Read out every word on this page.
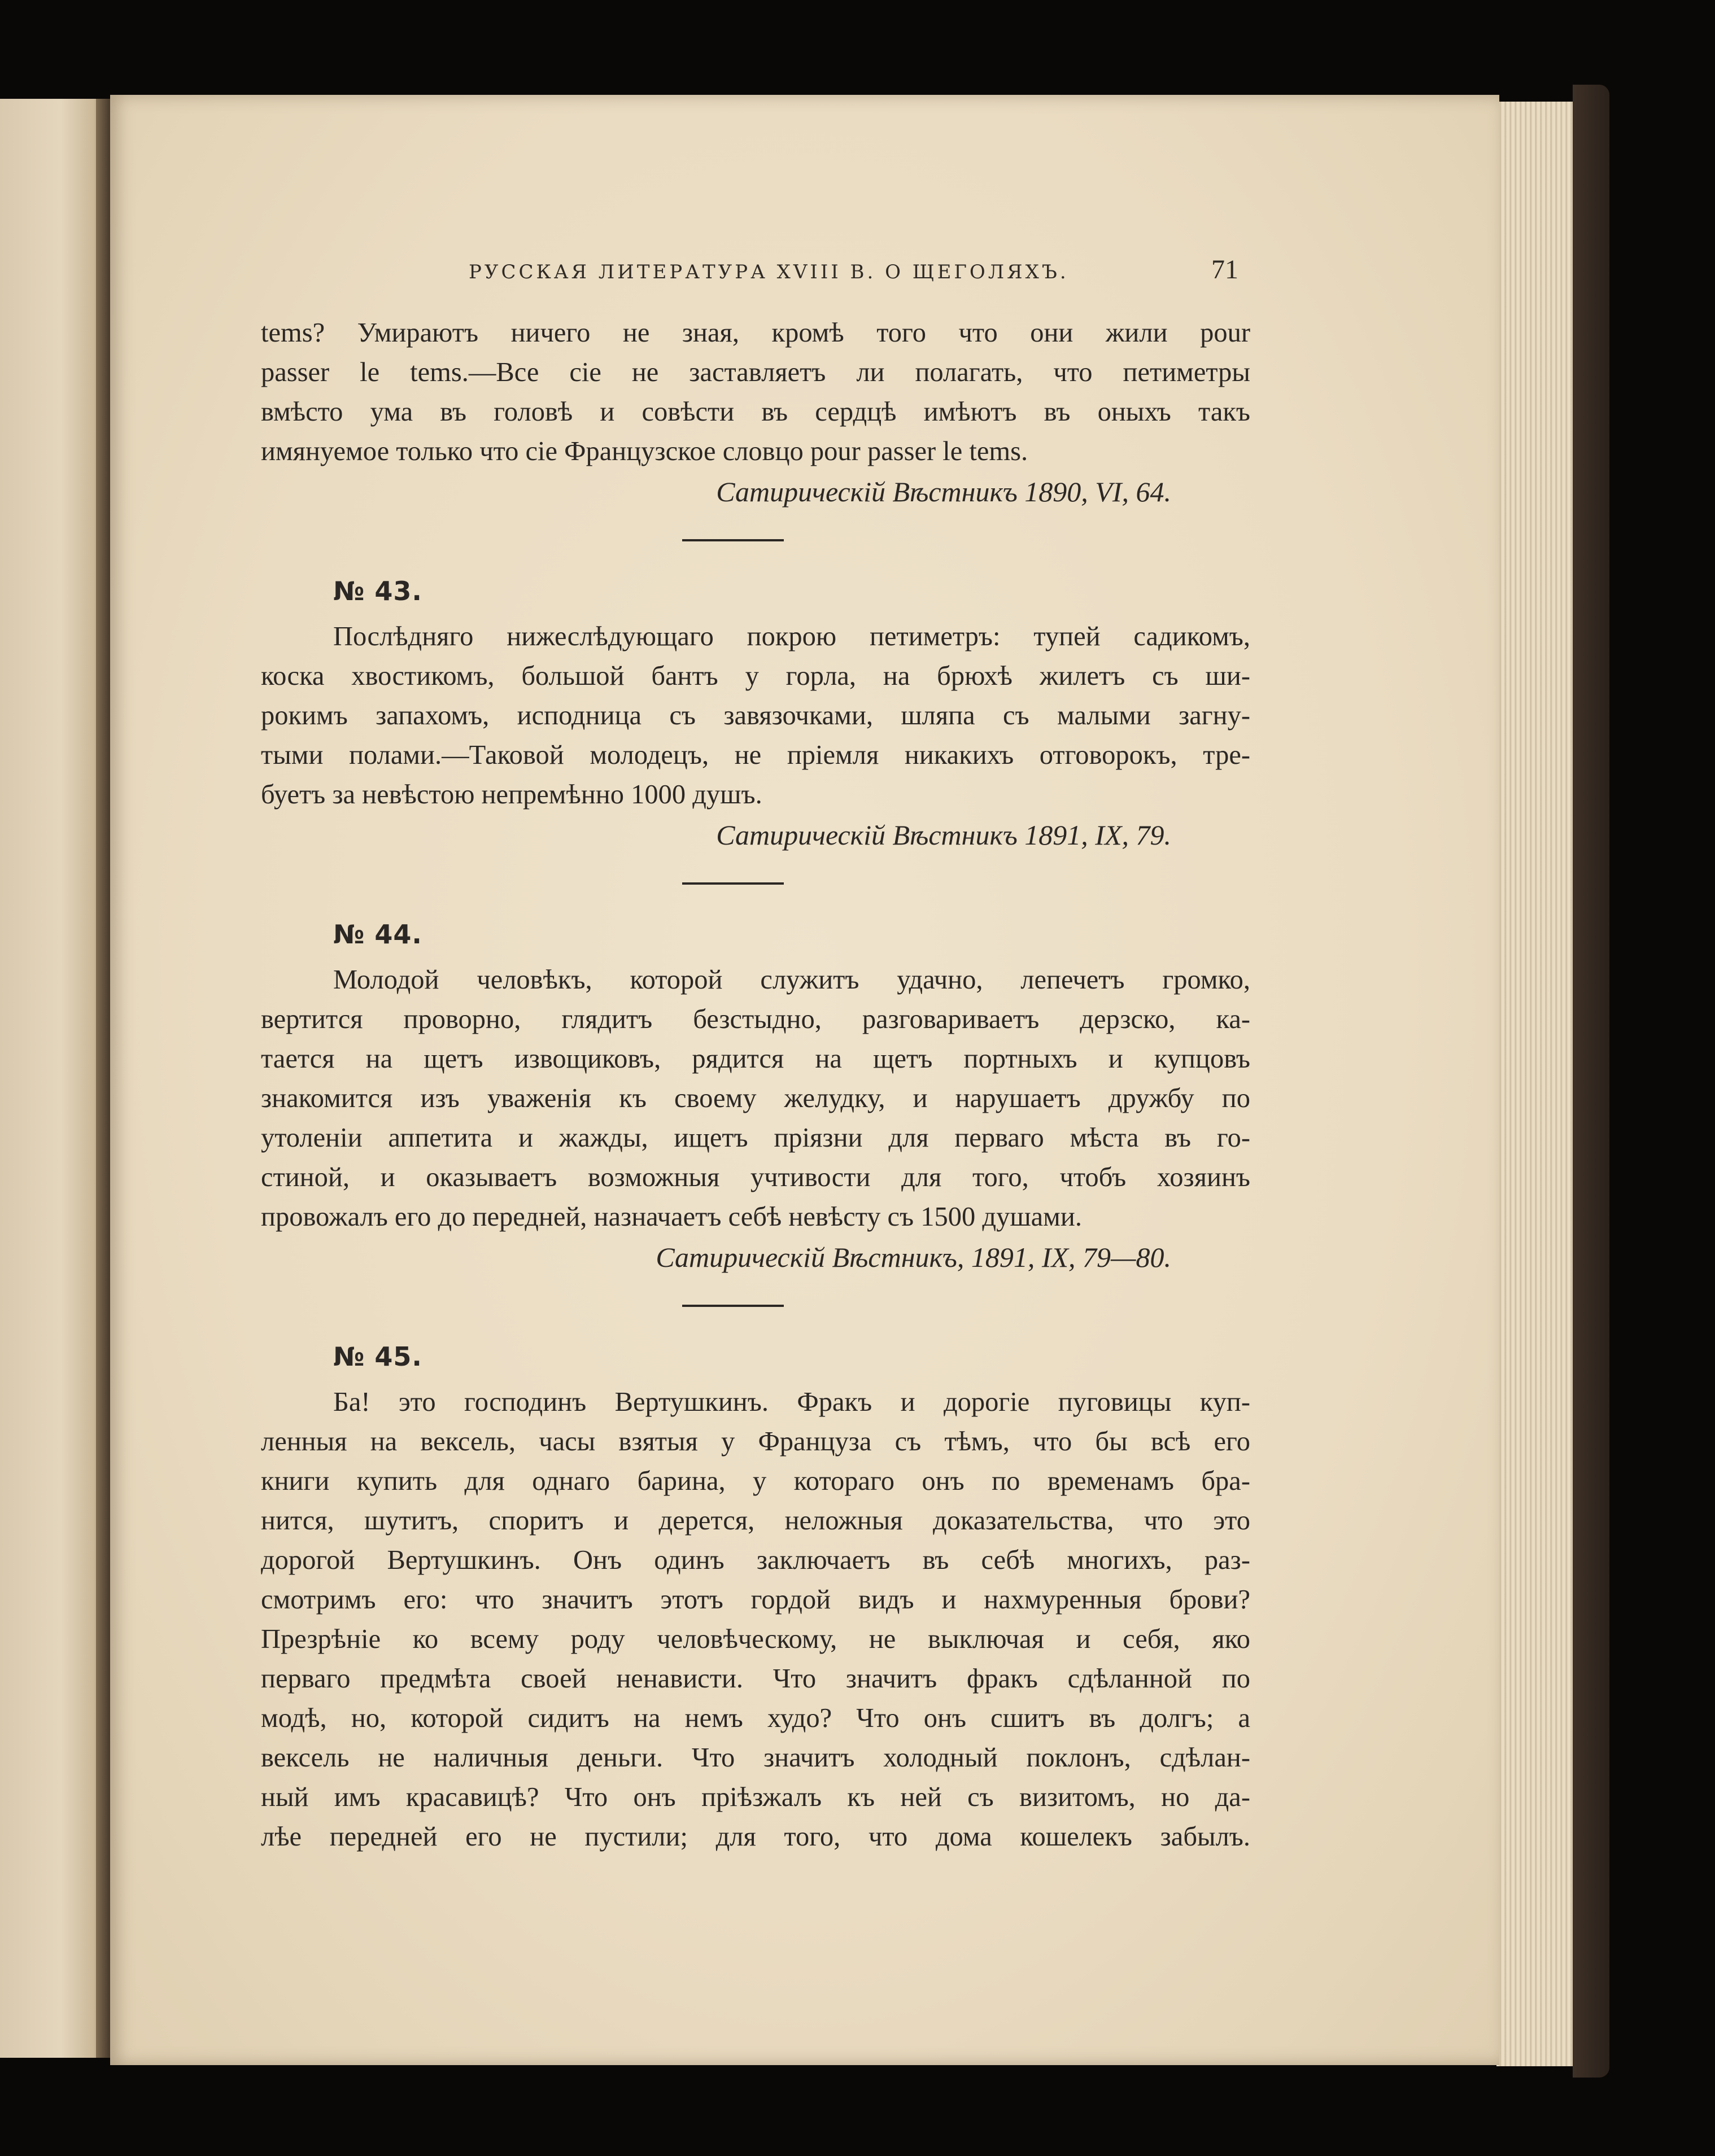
РУССКАЯ ЛИТЕРАТУРА XVIII В. О ЩЕГОЛЯХЪ.	71

tems? Умираютъ ничего не зная, кромѣ того что они жили pour

passer le tems.—Все сіе не заставляетъ ли полагать, что петиметры

вмѣсто ума въ головѣ и совѣсти въ сердцѣ имѣютъ въ оныхъ такъ

имянуемое только что сіе Французское словцо pour passer le tems.

Сатирическій Вѣстникъ 1890, VI, 64.

№ 43.

Послѣдняго нижеслѣдующаго покрою петиметръ: тупей садикомъ,

коска хвостикомъ, большой бантъ у горла, на брюхѣ жилетъ съ ши-

рокимъ запахомъ, исподница съ завязочками, шляпа съ малыми загну-

тыми полами.—Таковой молодецъ, не пріемля никакихъ отговорокъ, тре-

буетъ за невѣстою непремѣнно 1000 душъ.

Сатирическій Вѣстникъ 1891, IX, 79.

№ 44.

Молодой человѣкъ, которой служитъ удачно, лепечетъ громко,

вертится проворно, глядитъ безстыдно, разговариваетъ дерзско, ка-

тается на щетъ извощиковъ, рядится на щетъ портныхъ и купцовъ

знакомится изъ уваженія къ своему желудку, и нарушаетъ дружбу по

утоленіи аппетита и жажды, ищетъ пріязни для перваго мѣста въ го-

стиной, и оказываетъ возможныя учтивости для того, чтобъ хозяинъ

провожалъ его до передней, назначаетъ себѣ невѣсту съ 1500 душами.

Сатирическій Вѣстникъ, 1891, IX, 79—80.

№ 45.

Ба! это господинъ Вертушкинъ. Фракъ и дорогіе пуговицы куп-

ленныя на вексель, часы взятыя у Француза съ тѣмъ, что бы всѣ его

книги купить для однаго барина, у котораго онъ по временамъ бра-

нится, шутитъ, споритъ и дерется, неложныя доказательства, что это

дорогой Вертушкинъ. Онъ одинъ заключаетъ въ себѣ многихъ, раз-

смотримъ его: что значитъ этотъ гордой видъ и нахмуренныя брови?

Презрѣніе ко всему роду человѣческому, не выключая и себя, яко

перваго предмѣта своей ненависти. Что значитъ фракъ сдѣланной по

модѣ, но, которой сидитъ на немъ худо? Что онъ сшитъ въ долгъ; а

вексель не наличныя деньги. Что значитъ холодный поклонъ, сдѣлан-

ный имъ красавицѣ? Что онъ пріѣзжалъ къ ней съ визитомъ, но да-

лѣе передней его не пустили; для того, что дома кошелекъ забылъ.
